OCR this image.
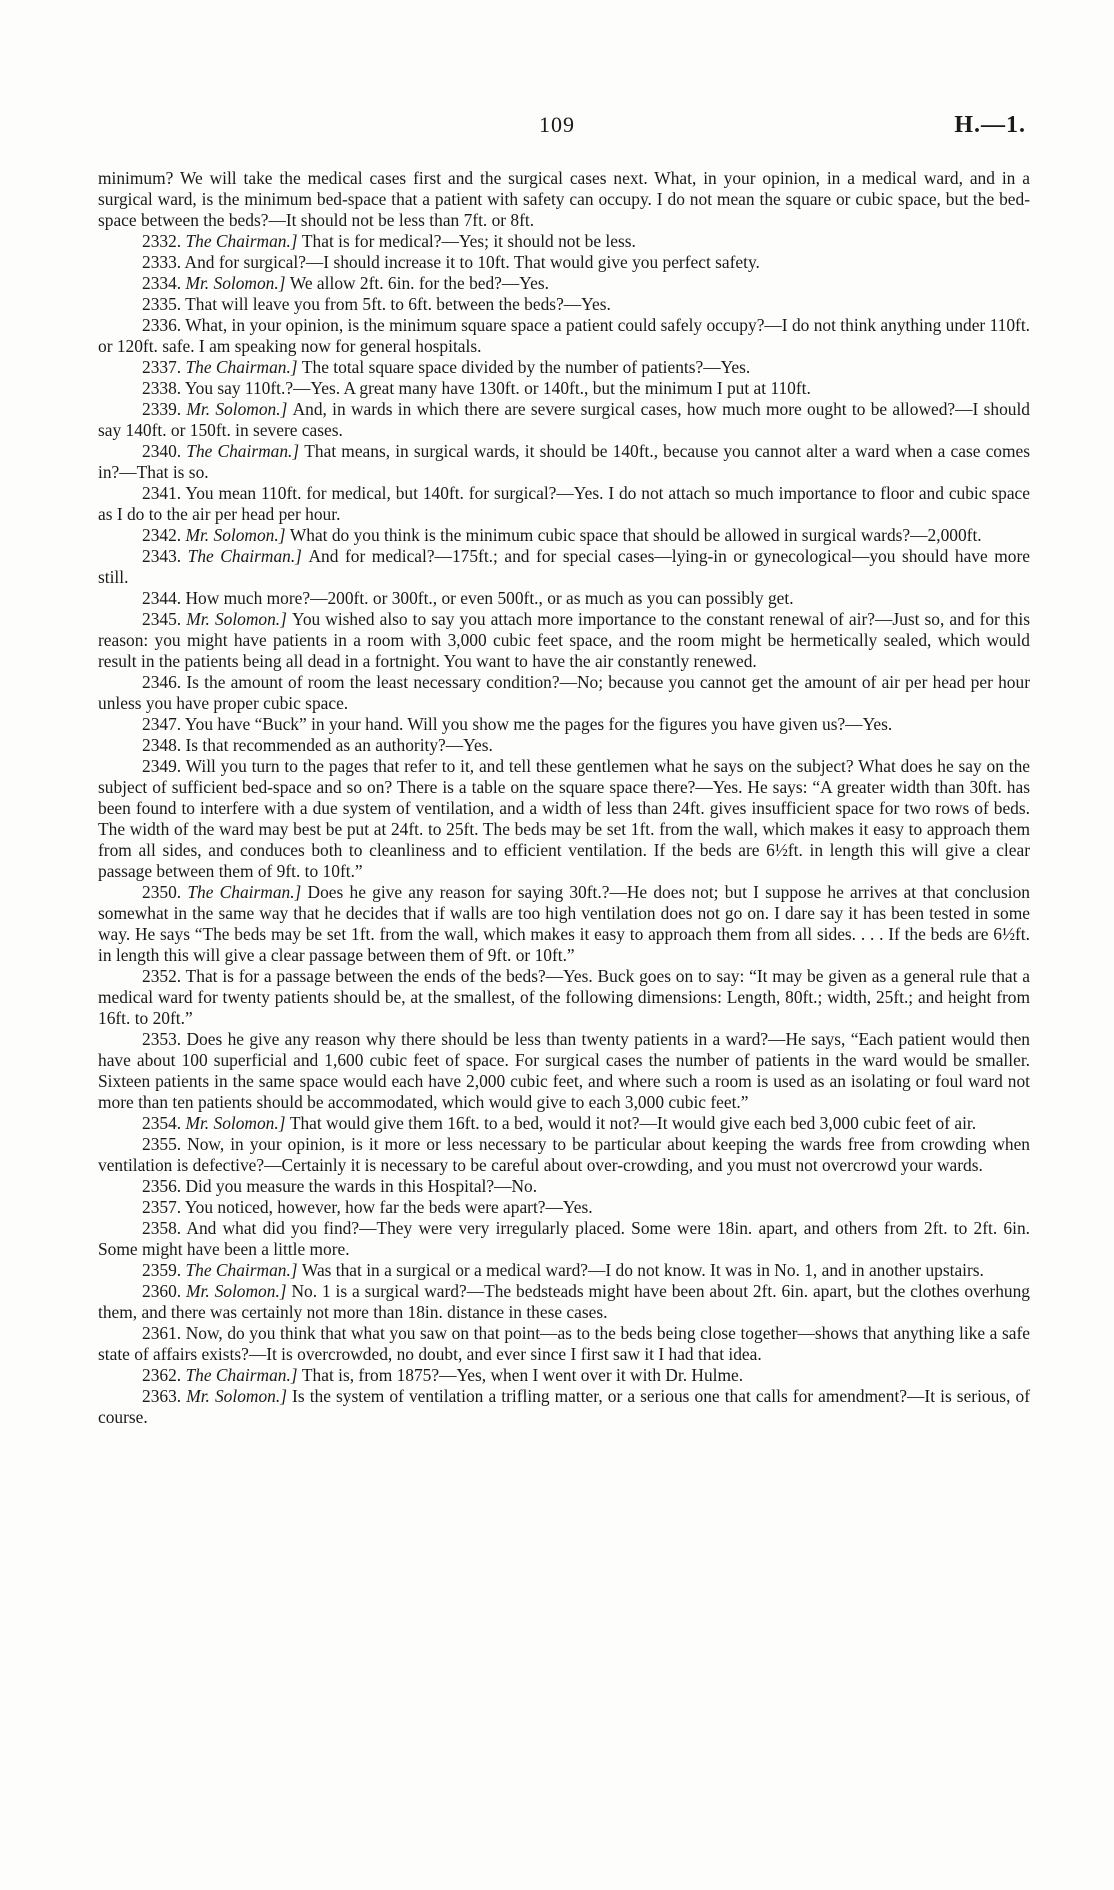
109	H.—1.

minimum? We will take the medical cases first and the surgical cases next. What, in your opinion, in a medical ward, and in a surgical ward, is the minimum bed-space that a patient with safety can occupy. I do not mean the square or cubic space, but the bed-space between the beds?—It should not be less than 7ft. or 8ft.

2332. The Chairman.] That is for medical?—Yes; it should not be less.

2333. And for surgical?—I should increase it to 10ft. That would give you perfect safety.

2334. Mr. Solomon.] We allow 2ft. 6in. for the bed?—Yes.

2335. That will leave you from 5ft. to 6ft. between the beds?—Yes.

2336. What, in your opinion, is the minimum square space a patient could safely occupy?—I do not think anything under 110ft. or 120ft. safe. I am speaking now for general hospitals.

2337. The Chairman.] The total square space divided by the number of patients?—Yes.

2338. You say 110ft.?—Yes. A great many have 130ft. or 140ft., but the minimum I put at 110ft.

2339. Mr. Solomon.] And, in wards in which there are severe surgical cases, how much more ought to be allowed?—I should say 140ft. or 150ft. in severe cases.

2340. The Chairman.] That means, in surgical wards, it should be 140ft., because you cannot alter a ward when a case comes in?—That is so.

2341. You mean 110ft. for medical, but 140ft. for surgical?—Yes. I do not attach so much importance to floor and cubic space as I do to the air per head per hour.

2342. Mr. Solomon.] What do you think is the minimum cubic space that should be allowed in surgical wards?—2,000ft.

2343. The Chairman.] And for medical?—175ft.; and for special cases—lying-in or gynecological—you should have more still.

2344. How much more?—200ft. or 300ft., or even 500ft., or as much as you can possibly get.

2345. Mr. Solomon.] You wished also to say you attach more importance to the constant renewal of air?—Just so, and for this reason: you might have patients in a room with 3,000 cubic feet space, and the room might be hermetically sealed, which would result in the patients being all dead in a fortnight. You want to have the air constantly renewed.

2346. Is the amount of room the least necessary condition?—No; because you cannot get the amount of air per head per hour unless you have proper cubic space.

2347. You have “Buck” in your hand. Will you show me the pages for the figures you have given us?—Yes.

2348. Is that recommended as an authority?—Yes.

2349. Will you turn to the pages that refer to it, and tell these gentlemen what he says on the subject? What does he say on the subject of sufficient bed-space and so on? There is a table on the square space there?—Yes. He says: “A greater width than 30ft. has been found to interfere with a due system of ventilation, and a width of less than 24ft. gives insufficient space for two rows of beds. The width of the ward may best be put at 24ft. to 25ft. The beds may be set 1ft. from the wall, which makes it easy to approach them from all sides, and conduces both to cleanliness and to efficient ventilation. If the beds are 6½ft. in length this will give a clear passage between them of 9ft. to 10ft.”

2350. The Chairman.] Does he give any reason for saying 30ft.?—He does not; but I suppose he arrives at that conclusion somewhat in the same way that he decides that if walls are too high ventilation does not go on. I dare say it has been tested in some way. He says “The beds may be set 1ft. from the wall, which makes it easy to approach them from all sides. . . . If the beds are 6½ft. in length this will give a clear passage between them of 9ft. or 10ft.”

2352. That is for a passage between the ends of the beds?—Yes. Buck goes on to say: “It may be given as a general rule that a medical ward for twenty patients should be, at the smallest, of the following dimensions: Length, 80ft.; width, 25ft.; and height from 16ft. to 20ft.”

2353. Does he give any reason why there should be less than twenty patients in a ward?—He says, “Each patient would then have about 100 superficial and 1,600 cubic feet of space. For surgical cases the number of patients in the ward would be smaller. Sixteen patients in the same space would each have 2,000 cubic feet, and where such a room is used as an isolating or foul ward not more than ten patients should be accommodated, which would give to each 3,000 cubic feet.”

2354. Mr. Solomon.] That would give them 16ft. to a bed, would it not?—It would give each bed 3,000 cubic feet of air.

2355. Now, in your opinion, is it more or less necessary to be particular about keeping the wards free from crowding when ventilation is defective?—Certainly it is necessary to be careful about over-crowding, and you must not overcrowd your wards.

2356. Did you measure the wards in this Hospital?—No.

2357. You noticed, however, how far the beds were apart?—Yes.

2358. And what did you find?—They were very irregularly placed. Some were 18in. apart, and others from 2ft. to 2ft. 6in. Some might have been a little more.

2359. The Chairman.] Was that in a surgical or a medical ward?—I do not know. It was in No. 1, and in another upstairs.

2360. Mr. Solomon.] No. 1 is a surgical ward?—The bedsteads might have been about 2ft. 6in. apart, but the clothes overhung them, and there was certainly not more than 18in. distance in these cases.

2361. Now, do you think that what you saw on that point—as to the beds being close together—shows that anything like a safe state of affairs exists?—It is overcrowded, no doubt, and ever since I first saw it I had that idea.

2362. The Chairman.] That is, from 1875?—Yes, when I went over it with Dr. Hulme.

2363. Mr. Solomon.] Is the system of ventilation a trifling matter, or a serious one that calls for amendment?—It is serious, of course.
